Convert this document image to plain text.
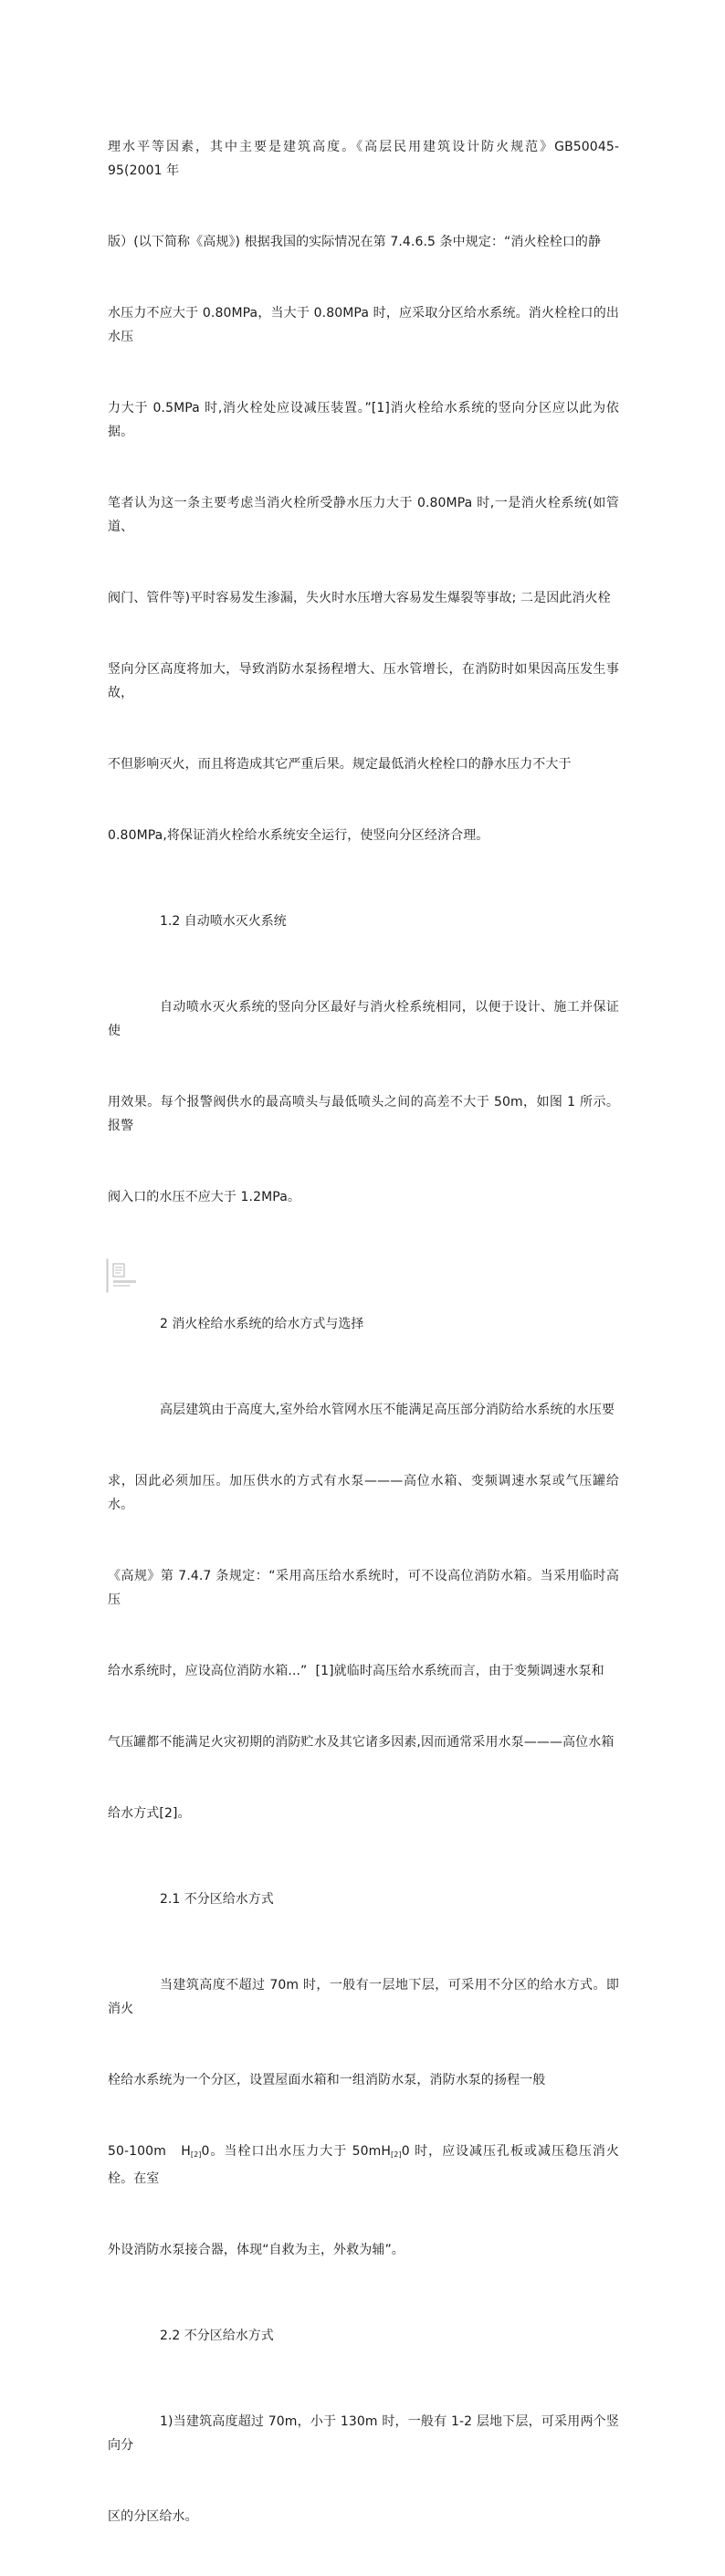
理水平等因素，其中主要是建筑高度。《高层民用建筑设计防火规范》GB50045-95(2001 年

版）(以下简称《高规》) 根据我国的实际情况在第 7.4.6.5 条中规定：“消火栓栓口的静

水压力不应大于 0.80MPa，当大于 0.80MPa 时，应采取分区给水系统。消火栓栓口的出水压

力大于 0.5MPa 时,消火栓处应设减压装置。”[1]消火栓给水系统的竖向分区应以此为依据。

笔者认为这一条主要考虑当消火栓所受静水压力大于 0.80MPa 时,一是消火栓系统(如管道、

阀门、管件等)平时容易发生渗漏，失火时水压增大容易发生爆裂等事故; 二是因此消火栓

竖向分区高度将加大，导致消防水泵扬程增大、压水管增长，在消防时如果因高压发生事故，

不但影响灭火，而且将造成其它严重后果。规定最低消火栓栓口的静水压力不大于

0.80MPa,将保证消火栓给水系统安全运行，使竖向分区经济合理。

1.2 自动喷水灭火系统

自动喷水灭火系统的竖向分区最好与消火栓系统相同，以便于设计、施工并保证使

用效果。每个报警阀供水的最高喷头与最低喷头之间的高差不大于 50m，如图 1 所示。报警

阀入口的水压不应大于 1.2MPa。

2 消火栓给水系统的给水方式与选择

高层建筑由于高度大,室外给水管网水压不能满足高压部分消防给水系统的水压要

求，因此必须加压。加压供水的方式有水泵———高位水箱、变频调速水泵或气压罐给水。

《高规》第 7.4.7 条规定：“采用高压给水系统时，可不设高位消防水箱。当采用临时高压

给水系统时，应设高位消防水箱...”  [1]就临时高压给水系统而言，由于变频调速水泵和

气压罐都不能满足火灾初期的消防贮水及其它诸多因素,因而通常采用水泵———高位水箱

给水方式[2]。

2.1 不分区给水方式

当建筑高度不超过 70m 时，一般有一层地下层，可采用不分区的给水方式。即消火

栓给水系统为一个分区，设置屋面水箱和一组消防水泵，消防水泵的扬程一般

50-100m   $H_{[2]}0$。当栓口出水压力大于 $50mH_{[2]}0$ 时，应设减压孔板或减压稳压消火栓。在室

外设消防水泵接合器，体现“自救为主，外救为辅”。

2.2 不分区给水方式

1)当建筑高度超过 70m，小于 130m 时，一般有 1-2 层地下层，可采用两个竖向分

区的分区给水。
